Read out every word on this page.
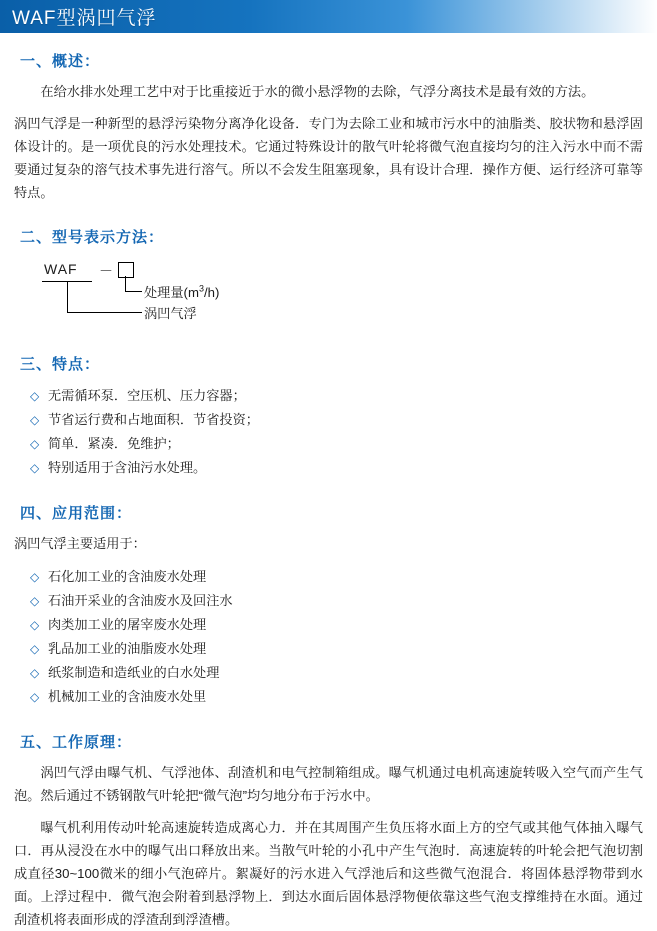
WAF型涡凹气浮
一、概述：

在给水排水处理工艺中对于比重接近于水的微小悬浮物的去除，气浮分离技术是最有效的方法。

涡凹气浮是一种新型的悬浮污染物分离净化设备．专门为去除工业和城市污水中的油脂类、胶状物和悬浮固体设计的。是一项优良的污水处理技术。它通过特殊设计的散气叶轮将微气泡直接均匀的注入污水中而不需要通过复杂的溶气技术事先进行溶气。所以不会发生阻塞现象，具有设计合理．操作方便、运行经济可靠等特点。

二、型号表示方法：
WAF －
处理量$(m^3/h)$
涡凹气浮
三、特点：
◇ 无需循环泵．空压机、压力容器；
◇ 节省运行费和占地面积．节省投资；
◇ 简单．紧凑．免维护；
◇ 特别适用于含油污水处理。
四、应用范围：

涡凹气浮主要适用于：

◇ 石化加工业的含油废水处理
◇ 石油开采业的含油废水及回注水
◇ 肉类加工业的屠宰废水处理
◇ 乳品加工业的油脂废水处理
◇ 纸浆制造和造纸业的白水处理
◇ 机械加工业的含油废水处里
五、工作原理：

涡凹气浮由曝气机、气浮池体、刮渣机和电气控制箱组成。曝气机通过电机高速旋转吸入空气而产生气泡。然后通过不锈钢散气叶轮把“微气泡”均匀地分布于污水中。

曝气机利用传动叶轮高速旋转造成离心力．并在其周围产生负压将水面上方的空气或其他气体抽入曝气口．再从浸没在水中的曝气出口释放出来。当散气叶轮的小孔中产生气泡时．高速旋转的叶轮会把气泡切割成直径30~100微米的细小气泡碎片。絮凝好的污水进入气浮池后和这些微气泡混合．将固体悬浮物带到水面。上浮过程中．微气泡会附着到悬浮物上．到达水面后固体悬浮物便依靠这些气泡支撑维持在水面。通过刮渣机将表面形成的浮渣刮到浮渣槽。
